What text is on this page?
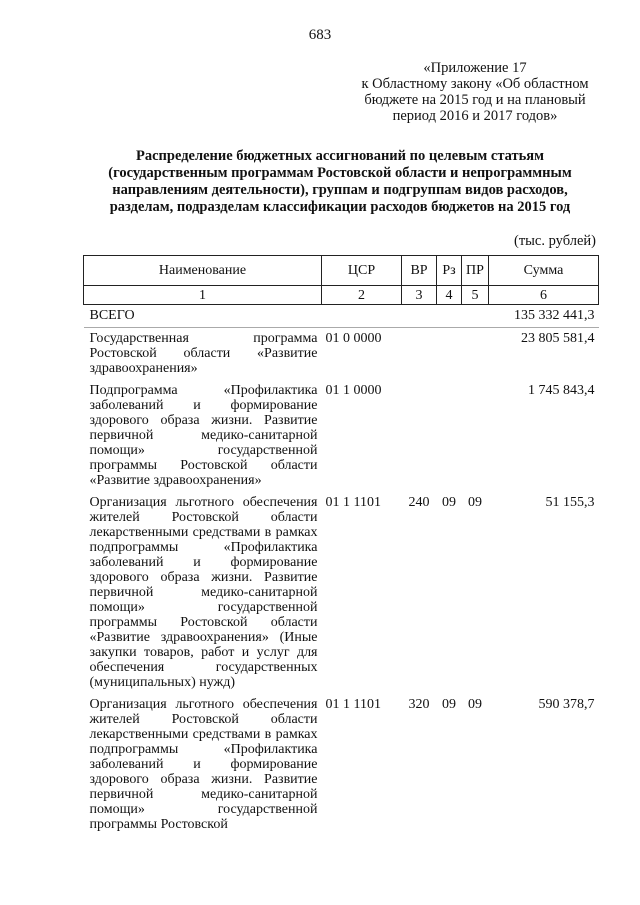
683
«Приложение 17
к Областному закону «Об областном
бюджете на 2015 год и на плановый
период 2016 и 2017 годов»
Распределение бюджетных ассигнований по целевым статьям
(государственным программам Ростовской области и непрограммным
направлениям деятельности), группам и подгруппам видов расходов,
разделам, подразделам классификации расходов бюджетов на 2015 год
(тыс. рублей)
Наименование	ЦСР	ВР	Рз	ПР	Сумма
1	2	3	4	5	6
ВСЕГО					135 332 441,3
Государственная программа Ростовской области «Развитие здравоохранения»	01 0 0000				23 805 581,4
Подпрограмма «Профилактика заболеваний и формирование здорового образа жизни. Развитие первичной медико-санитарной помощи» государственной программы Ростовской области «Развитие здравоохранения»	01 1 0000				1 745 843,4
Организация льготного обеспечения жителей Ростовской области лекарственными средствами в рамках подпрограммы «Профилактика заболеваний и формирование здорового образа жизни. Развитие первичной медико-санитарной помощи» государственной программы Ростовской области «Развитие здравоохранения» (Иные закупки товаров, работ и услуг для обеспечения государственных (муниципальных) нужд)	01 1 1101	240	09	09	51 155,3
Организация льготного обеспечения жителей Ростовской области лекарственными средствами в рамках подпрограммы «Профилактика заболеваний и формирование здорового образа жизни. Развитие первичной медико-санитарной помощи» государственной программы Ростовской	01 1 1101	320	09	09	590 378,7
